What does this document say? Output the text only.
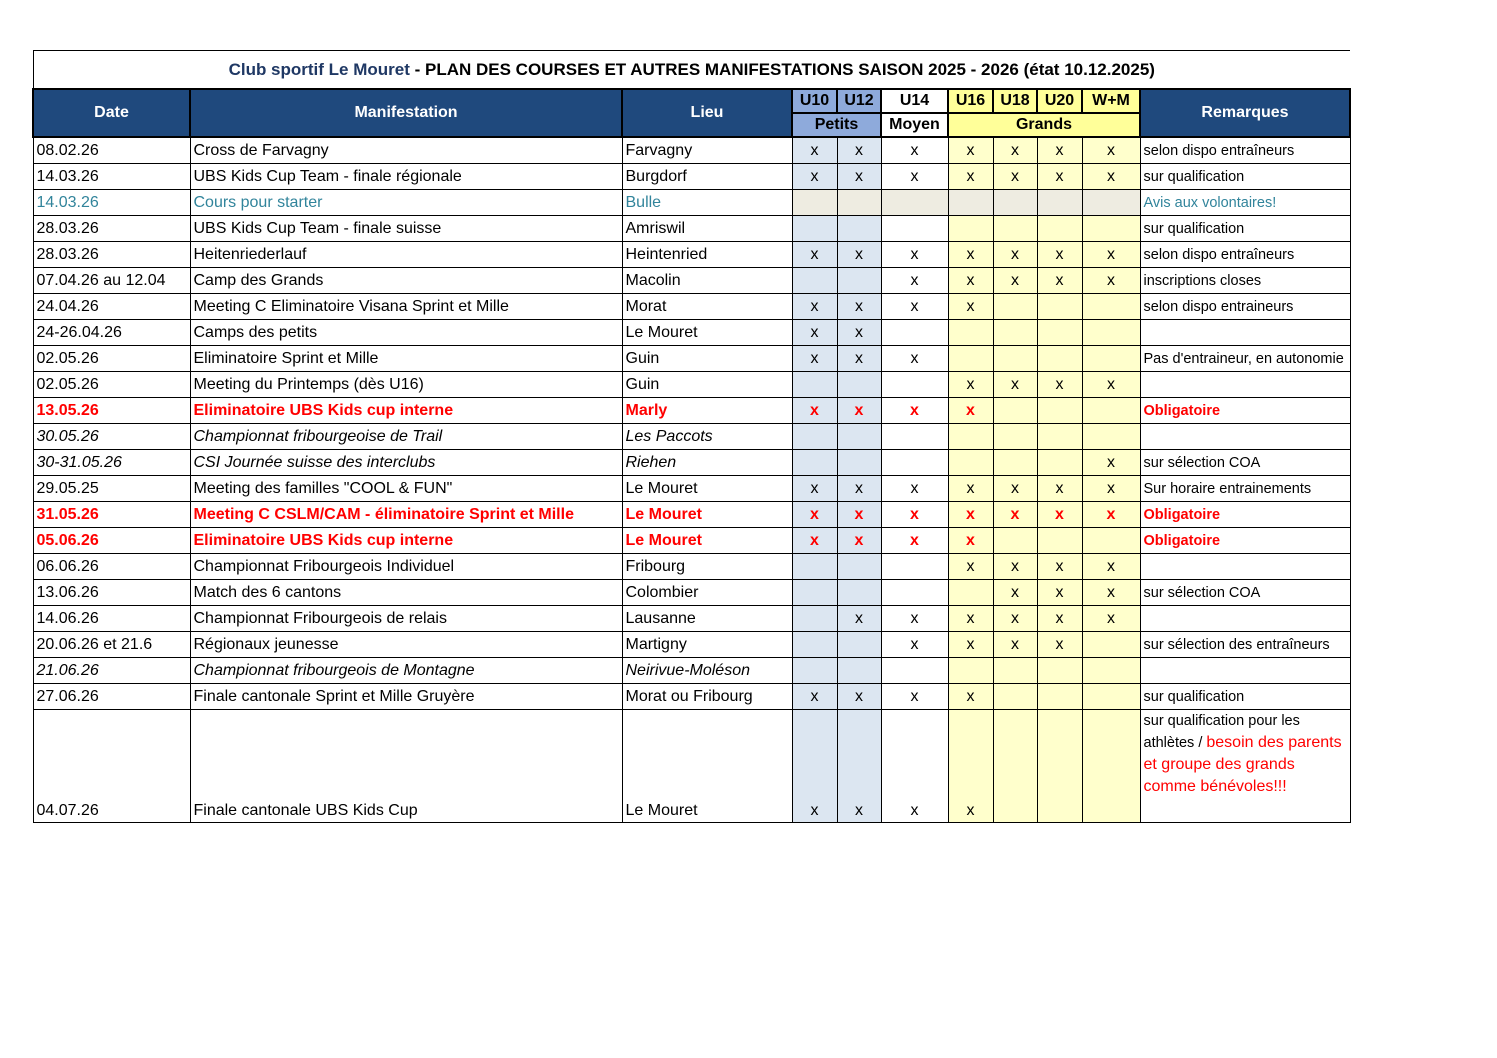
Club sportif Le Mouret - PLAN DES COURSES ET AUTRES MANIFESTATIONS SAISON 2025 - 2026 (état 10.12.2025)										
Date	Manifestation	Lieu	U10	U12	U14	U16	U18	U20	W+M	Remarques
			Petits		Moyen	Grands				
08.02.26	Cross de Farvagny	Farvagny	x	x	x	x	x	x	x	selon dispo entraîneurs
14.03.26	UBS Kids Cup Team - finale régionale	Burgdorf	x	x	x	x	x	x	x	sur qualification
14.03.26	Cours pour starter	Bulle								Avis aux volontaires!
28.03.26	UBS Kids Cup Team - finale suisse	Amriswil								sur qualification
28.03.26	Heitenriederlauf	Heintenried	x	x	x	x	x	x	x	selon dispo entraîneurs
07.04.26 au 12.04	Camp des Grands	Macolin			x	x	x	x	x	inscriptions closes
24.04.26	Meeting C Eliminatoire Visana Sprint et Mille	Morat	x	x	x	x				selon dispo entraineurs
24-26.04.26	Camps des petits	Le Mouret	x	x						
02.05.26	Eliminatoire Sprint et Mille	Guin	x	x	x					Pas d'entraineur, en autonomie
02.05.26	Meeting du Printemps (dès U16)	Guin				x	x	x	x	
13.05.26	Eliminatoire UBS Kids cup interne	Marly	x	x	x	x				Obligatoire
30.05.26	Championnat fribourgeoise de Trail	Les Paccots								
30-31.05.26	CSI Journée suisse des interclubs	Riehen							x	sur sélection COA
29.05.25	Meeting des familles "COOL & FUN"	Le Mouret	x	x	x	x	x	x	x	Sur horaire entrainements
31.05.26	Meeting C CSLM/CAM - éliminatoire Sprint et Mille	Le Mouret	x	x	x	x	x	x	x	Obligatoire
05.06.26	Eliminatoire UBS Kids cup interne	Le Mouret	x	x	x	x				Obligatoire
06.06.26	Championnat Fribourgeois Individuel	Fribourg				x	x	x	x	
13.06.26	Match des 6 cantons	Colombier					x	x	x	sur sélection COA
14.06.26	Championnat Fribourgeois de relais	Lausanne		x	x	x	x	x	x	
20.06.26 et 21.6	Régionaux jeunesse	Martigny			x	x	x	x		sur sélection des entraîneurs
21.06.26	Championnat fribourgeois de Montagne	Neirivue-Moléson								
27.06.26	Finale cantonale Sprint et Mille Gruyère	Morat ou Fribourg	x	x	x	x				sur qualification
04.07.26	Finale cantonale UBS Kids Cup	Le Mouret	x	x	x	x				sur qualification pour les athlètes / besoin des parents et groupe des grands comme bénévoles!!!
